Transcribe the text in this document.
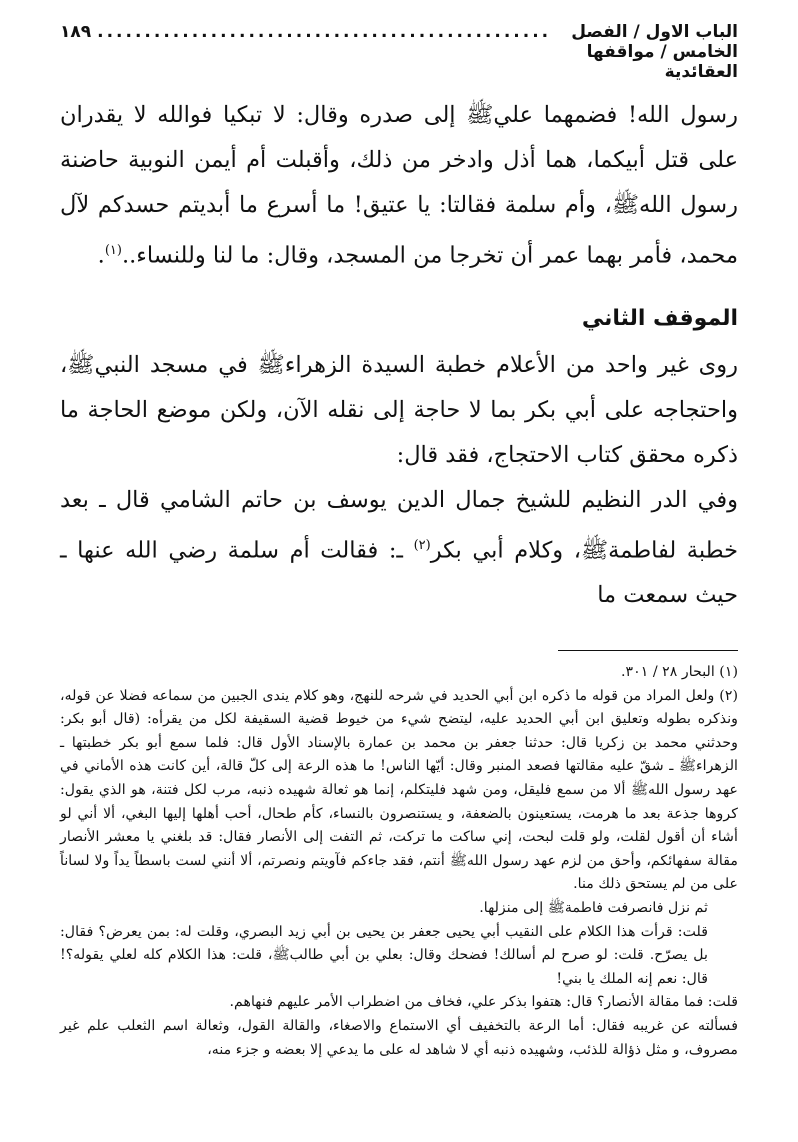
الباب الاول / الفصل الخامس / مواقفها العقائدية
................................................
١٨٩

رسول الله! فضمهما عليﷺ إلى صدره وقال: لا تبكيا فوالله لا يقدران على قتل أبيكما، هما أذل وادخر من ذلك، وأقبلت أم أيمن النوبية حاضنة رسول اللهﷺ، وأم سلمة فقالتا: يا عتيق! ما أسرع ما أبديتم حسدكم لآل محمد، فأمر بهما عمر أن تخرجا من المسجد، وقال: ما لنا وللنساء..$^{(١)}$.

الموقف الثاني

روى غير واحد من الأعلام خطبة السيدة الزهراءﷺ في مسجد النبيﷺ، واحتجاجه على أبي بكر بما لا حاجة إلى نقله الآن، ولكن موضع الحاجة ما ذكره محقق كتاب الاحتجاج، فقد قال:

وفي الدر النظيم للشيخ جمال الدين يوسف بن حاتم الشامي قال ـ بعد خطبة لفاطمةﷺ، وكلام أبي بكر$^{(٢)}$ ـ: فقالت أم سلمة رضي الله عنها ـ حيث سمعت ما

(١) البحار ٢٨ / ٣٠١.

(٢) ولعل المراد من قوله ما ذكره ابن أبي الحديد في شرحه للنهج، وهو كلام يندى الجبين من سماعه فضلا عن قوله، ونذكره بطوله وتعليق ابن أبي الحديد عليه، ليتضح شيء من خيوط قضية السقيفة لكل من يقرأه: (قال أبو بكر: وحدثني محمد بن زكريا قال: حدثنا جعفر بن محمد بن عمارة بالإسناد الأول قال: فلما سمع أبو بكر خطبتها ـ الزهراءﷺ ـ شقّ عليه مقالتها فصعد المنبر وقال: أيّها الناس! ما هذه الرعة إلى كلّ قالة، أين كانت هذه الأماني في عهد رسول اللهﷺ ألا من سمع فليقل، ومن شهد فليتكلم، إنما هو ثعالة شهيده ذنبه، مرب لكل فتنة، هو الذي يقول: كروها جذعة بعد ما هرمت، يستعينون بالضعفة، و يستنصرون بالنساء، كأم طحال، أحب أهلها إليها البغي، ألا أني لو أشاء أن أقول لقلت، ولو قلت لبحت، إني ساكت ما تركت، ثم التفت إلى الأنصار فقال: قد بلغني يا معشر الأنصار مقالة سفهائكم، وأحق من لزم عهد رسول اللهﷺ أنتم، فقد جاءكم فآويتم ونصرتم، ألا أنني لست باسطاً يداً ولا لساناً على من لم يستحق ذلك منا.

ثم نزل فانصرفت فاطمةﷺ إلى منزلها.

قلت: قرأت هذا الكلام على النقيب أبي يحيى جعفر بن يحيى بن أبي زيد البصري، وقلت له: بمن يعرض؟ فقال: بل يصرّح. قلت: لو صرح لم أسالك! فضحك وقال: بعلي بن أبي طالبﷺ، قلت: هذا الكلام كله لعلي يقوله؟! قال: نعم إنه الملك يا بني!

قلت: فما مقالة الأنصار؟ قال: هتفوا بذكر علي، فخاف من اضطراب الأمر عليهم فنهاهم.

فسألته عن غريبه فقال: أما الرعة بالتخفيف أي الاستماع والاصغاء، والقالة القول، وثعالة اسم الثعلب علم غير مصروف، و مثل ذؤالة للذئب، وشهيده ذنبه أي لا شاهد له على ما يدعي إلا بعضه و جزء منه،
